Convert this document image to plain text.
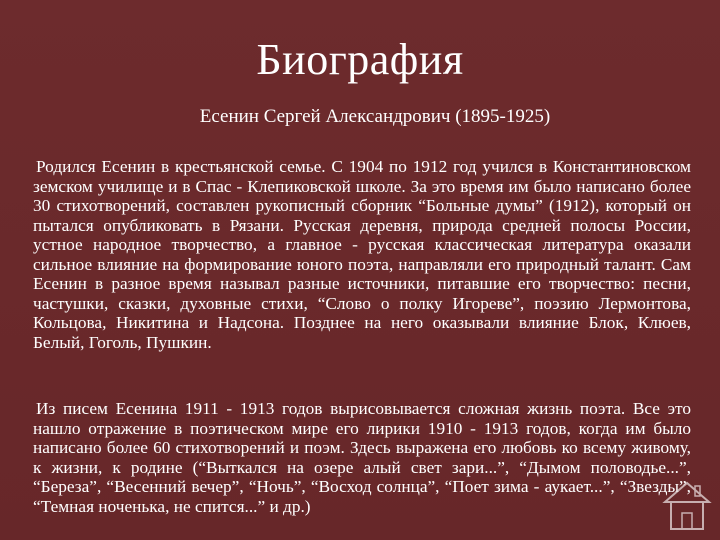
Биография
Есенин Сергей Александрович (1895-1925)
Родился Есенин в крестьянской семье. С 1904 по 1912 год учился в Константиновском земском училище и в Спас - Клепиковской школе. За это время им было написано более 30 стихотворений, составлен рукописный сборник “Больные думы” (1912), который он пытался опубликовать в Рязани. Русская деревня, природа средней полосы России, устное народное творчество, а главное - русская классическая литература оказали сильное влияние на формирование юного поэта, направляли его природный талант. Сам Есенин в разное время называл разные источники, питавшие его творчество: песни, частушки, сказки, духовные стихи, “Слово о полку Игореве”, поэзию Лермонтова, Кольцова, Никитина и Надсона. Позднее на него оказывали влияние Блок, Клюев, Белый, Гоголь, Пушкин.
Из писем Есенина 1911 - 1913 годов вырисовывается сложная жизнь поэта. Все это нашло отражение в поэтическом мире его лирики 1910 - 1913 годов, когда им было написано более 60 стихотворений и поэм. Здесь выражена его любовь ко всему живому, к жизни, к родине (“Выткался на озере алый свет зари...”, “Дымом половодье...”, “Береза”, “Весенний вечер”, “Ночь”, “Восход солнца”, “Поет зима - аукает...”, “Звезды”, “Темная ноченька, не спится...” и др.)
